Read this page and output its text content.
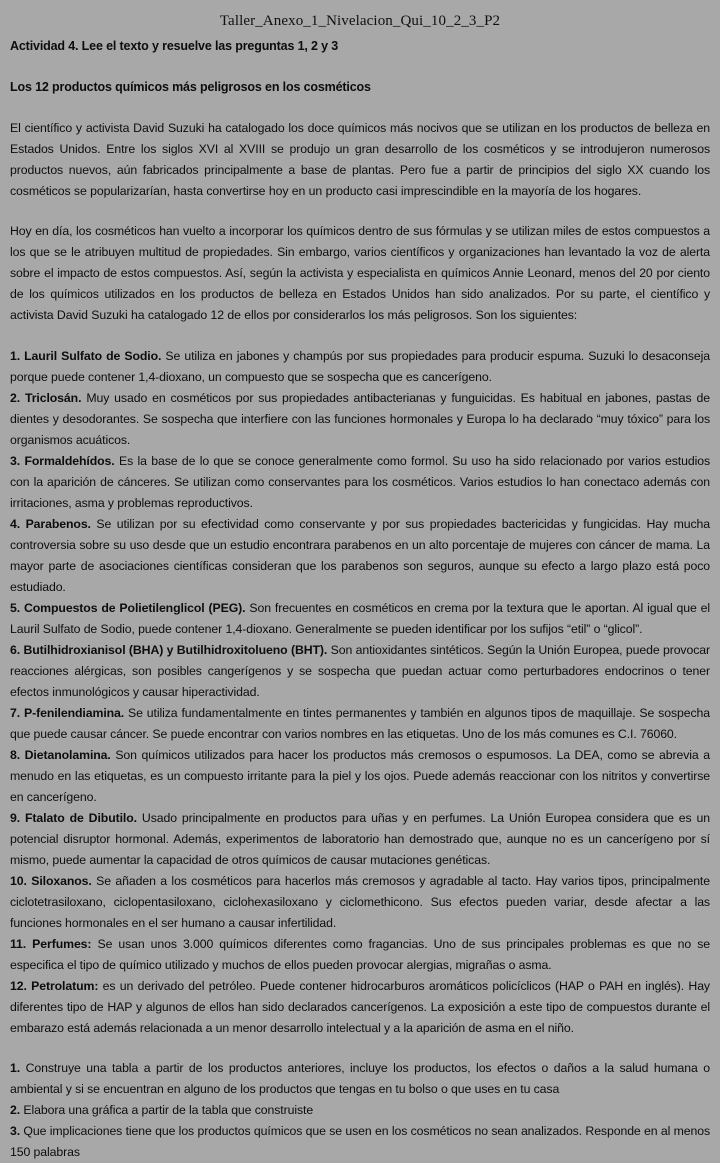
Taller_Anexo_1_Nivelacion_Qui_10_2_3_P2
Actividad 4. Lee el texto y resuelve las preguntas 1, 2 y 3
Los 12 productos químicos más peligrosos en los cosméticos

El científico y activista David Suzuki ha catalogado los doce químicos más nocivos que se utilizan en los productos de belleza en Estados Unidos. Entre los siglos XVI al XVIII se produjo un gran desarrollo de los cosméticos y se introdujeron numerosos productos nuevos, aún fabricados principalmente a base de plantas. Pero fue a partir de principios del siglo XX cuando los cosméticos se popularizarían, hasta convertirse hoy en un producto casi imprescindible en la mayoría de los hogares.

Hoy en día, los cosméticos han vuelto a incorporar los químicos dentro de sus fórmulas y se utilizan miles de estos compuestos a los que se le atribuyen multitud de propiedades. Sin embargo, varios científicos y organizaciones han levantado la voz de alerta sobre el impacto de estos compuestos. Así, según la activista y especialista en químicos Annie Leonard, menos del 20 por ciento de los químicos utilizados en los productos de belleza en Estados Unidos han sido analizados. Por su parte, el científico y activista David Suzuki ha catalogado 12 de ellos por considerarlos los más peligrosos. Son los siguientes:

1. Lauril Sulfato de Sodio. Se utiliza en jabones y champús por sus propiedades para producir espuma. Suzuki lo desaconseja porque puede contener 1,4-dioxano, un compuesto que se sospecha que es cancerígeno.

2. Triclosán. Muy usado en cosméticos por sus propiedades antibacterianas y funguicidas. Es habitual en jabones, pastas de dientes y desodorantes. Se sospecha que interfiere con las funciones hormonales y Europa lo ha declarado “muy tóxico” para los organismos acuáticos.

3. Formaldehídos. Es la base de lo que se conoce generalmente como formol. Su uso ha sido relacionado por varios estudios con la aparición de cánceres. Se utilizan como conservantes para los cosméticos. Varios estudios lo han conectaco además con irritaciones, asma y problemas reproductivos.

4. Parabenos. Se utilizan por su efectividad como conservante y por sus propiedades bactericidas y fungicidas. Hay mucha controversia sobre su uso desde que un estudio encontrara parabenos en un alto porcentaje de mujeres con cáncer de mama. La mayor parte de asociaciones científicas consideran que los parabenos son seguros, aunque su efecto a largo plazo está poco estudiado.

5. Compuestos de Polietilenglicol (PEG). Son frecuentes en cosméticos en crema por la textura que le aportan. Al igual que el Lauril Sulfato de Sodio, puede contener 1,4-dioxano. Generalmente se pueden identificar por los sufijos “etil” o “glicol”.

6. Butilhidroxianisol (BHA) y Butilhidroxitolueno (BHT). Son antioxidantes sintéticos. Según la Unión Europea, puede provocar reacciones alérgicas, son posibles cangerígenos y se sospecha que puedan actuar como perturbadores endocrinos o tener efectos inmunológicos y causar hiperactividad.

7. P-fenilendiamina. Se utiliza fundamentalmente en tintes permanentes y también en algunos tipos de maquillaje. Se sospecha que puede causar cáncer. Se puede encontrar con varios nombres en las etiquetas. Uno de los más comunes es C.I. 76060.

8. Dietanolamina. Son químicos utilizados para hacer los productos más cremosos o espumosos. La DEA, como se abrevia a menudo en las etiquetas, es un compuesto irritante para la piel y los ojos. Puede además reaccionar con los nitritos y convertirse en cancerígeno.

9. Ftalato de Dibutilo. Usado principalmente en productos para uñas y en perfumes. La Unión Europea considera que es un potencial disruptor hormonal. Además, experimentos de laboratorio han demostrado que, aunque no es un cancerígeno por sí mismo, puede aumentar la capacidad de otros químicos de causar mutaciones genéticas.

10. Siloxanos. Se añaden a los cosméticos para hacerlos más cremosos y agradable al tacto. Hay varios tipos, principalmente ciclotetrasiloxano, ciclopentasiloxano, ciclohexasiloxano y ciclomethicono. Sus efectos pueden variar, desde afectar a las funciones hormonales en el ser humano a causar infertilidad.

11. Perfumes: Se usan unos 3.000 químicos diferentes como fragancias. Uno de sus principales problemas es que no se especifica el tipo de químico utilizado y muchos de ellos pueden provocar alergias, migrañas o asma.

12. Petrolatum: es un derivado del petróleo. Puede contener hidrocarburos aromáticos policíclicos (HAP o PAH en inglés). Hay diferentes tipo de HAP y algunos de ellos han sido declarados cancerígenos. La exposición a este tipo de compuestos durante el embarazo está además relacionada a un menor desarrollo intelectual y a la aparición de asma en el niño.

1. Construye una tabla a partir de los productos anteriores, incluye los productos, los efectos o daños a la salud humana o ambiental y si se encuentran en alguno de los productos que tengas en tu bolso o que uses en tu casa

2. Elabora una gráfica a partir de la tabla que construiste

3. Que implicaciones tiene que los productos químicos que se usen en los cosméticos no sean analizados. Responde en al menos 150 palabras
